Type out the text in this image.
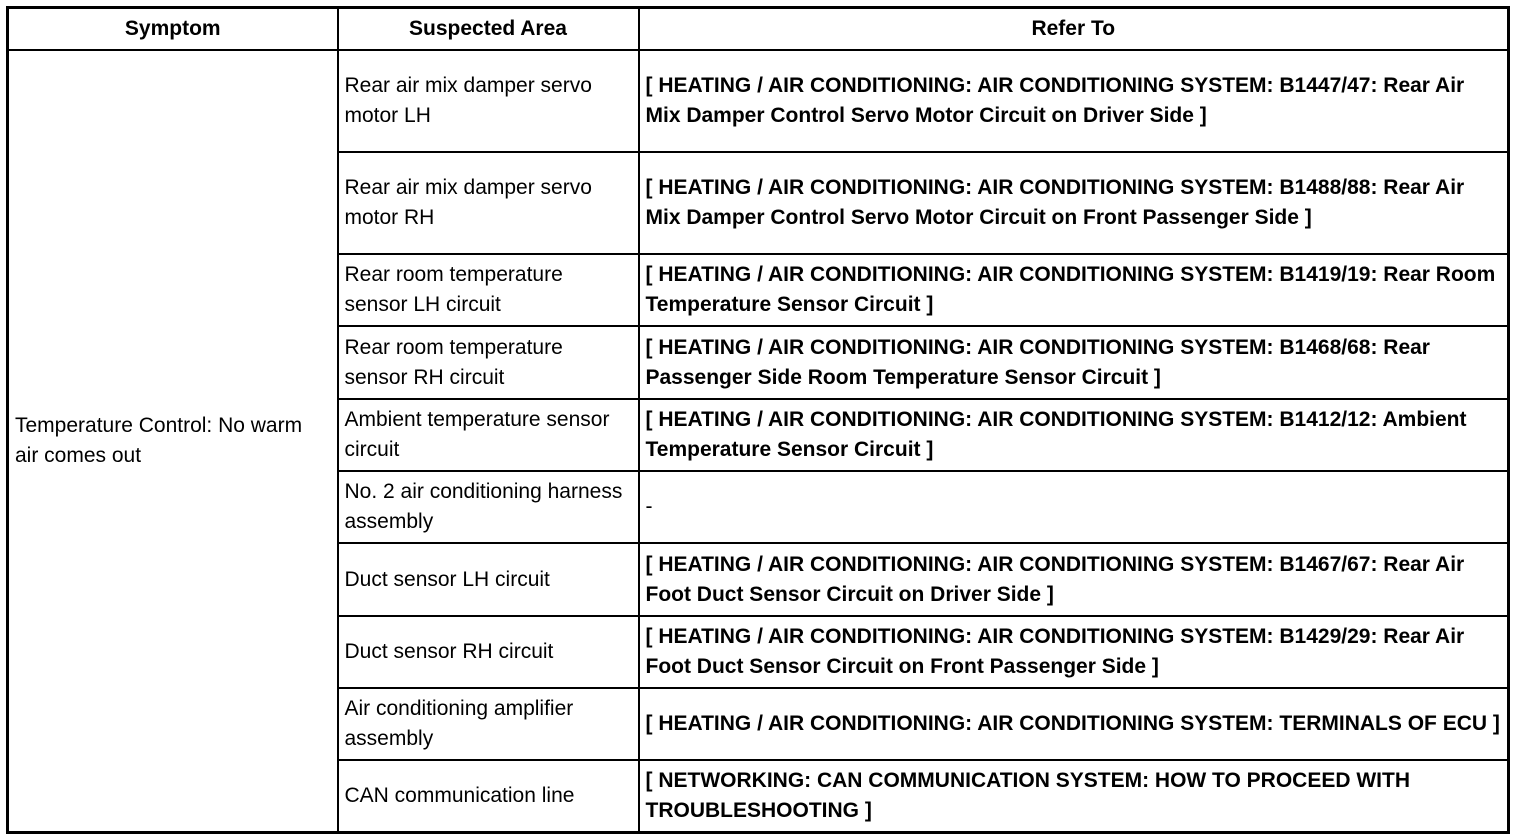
Symptom	Suspected Area	Refer To
Temperature Control: No warm air comes out	Rear air mix damper servo motor LH	[ HEATING / AIR CONDITIONING: AIR CONDITIONING SYSTEM: B1447/47: Rear Air Mix Damper Control Servo Motor Circuit on Driver Side ]
	Rear air mix damper servo motor RH	[ HEATING / AIR CONDITIONING: AIR CONDITIONING SYSTEM: B1488/88: Rear Air Mix Damper Control Servo Motor Circuit on Front Passenger Side ]
	Rear room temperature sensor LH circuit	[ HEATING / AIR CONDITIONING: AIR CONDITIONING SYSTEM: B1419/19: Rear Room Temperature Sensor Circuit ]
	Rear room temperature sensor RH circuit	[ HEATING / AIR CONDITIONING: AIR CONDITIONING SYSTEM: B1468/68: Rear Passenger Side Room Temperature Sensor Circuit ]
	Ambient temperature sensor circuit	[ HEATING / AIR CONDITIONING: AIR CONDITIONING SYSTEM: B1412/12: Ambient Temperature Sensor Circuit ]
	No. 2 air conditioning harness assembly	-
	Duct sensor LH circuit	[ HEATING / AIR CONDITIONING: AIR CONDITIONING SYSTEM: B1467/67: Rear Air Foot Duct Sensor Circuit on Driver Side ]
	Duct sensor RH circuit	[ HEATING / AIR CONDITIONING: AIR CONDITIONING SYSTEM: B1429/29: Rear Air Foot Duct Sensor Circuit on Front Passenger Side ]
	Air conditioning amplifier assembly	[ HEATING / AIR CONDITIONING: AIR CONDITIONING SYSTEM: TERMINALS OF ECU ]
	CAN communication line	[ NETWORKING: CAN COMMUNICATION SYSTEM: HOW TO PROCEED WITH TROUBLESHOOTING ]
